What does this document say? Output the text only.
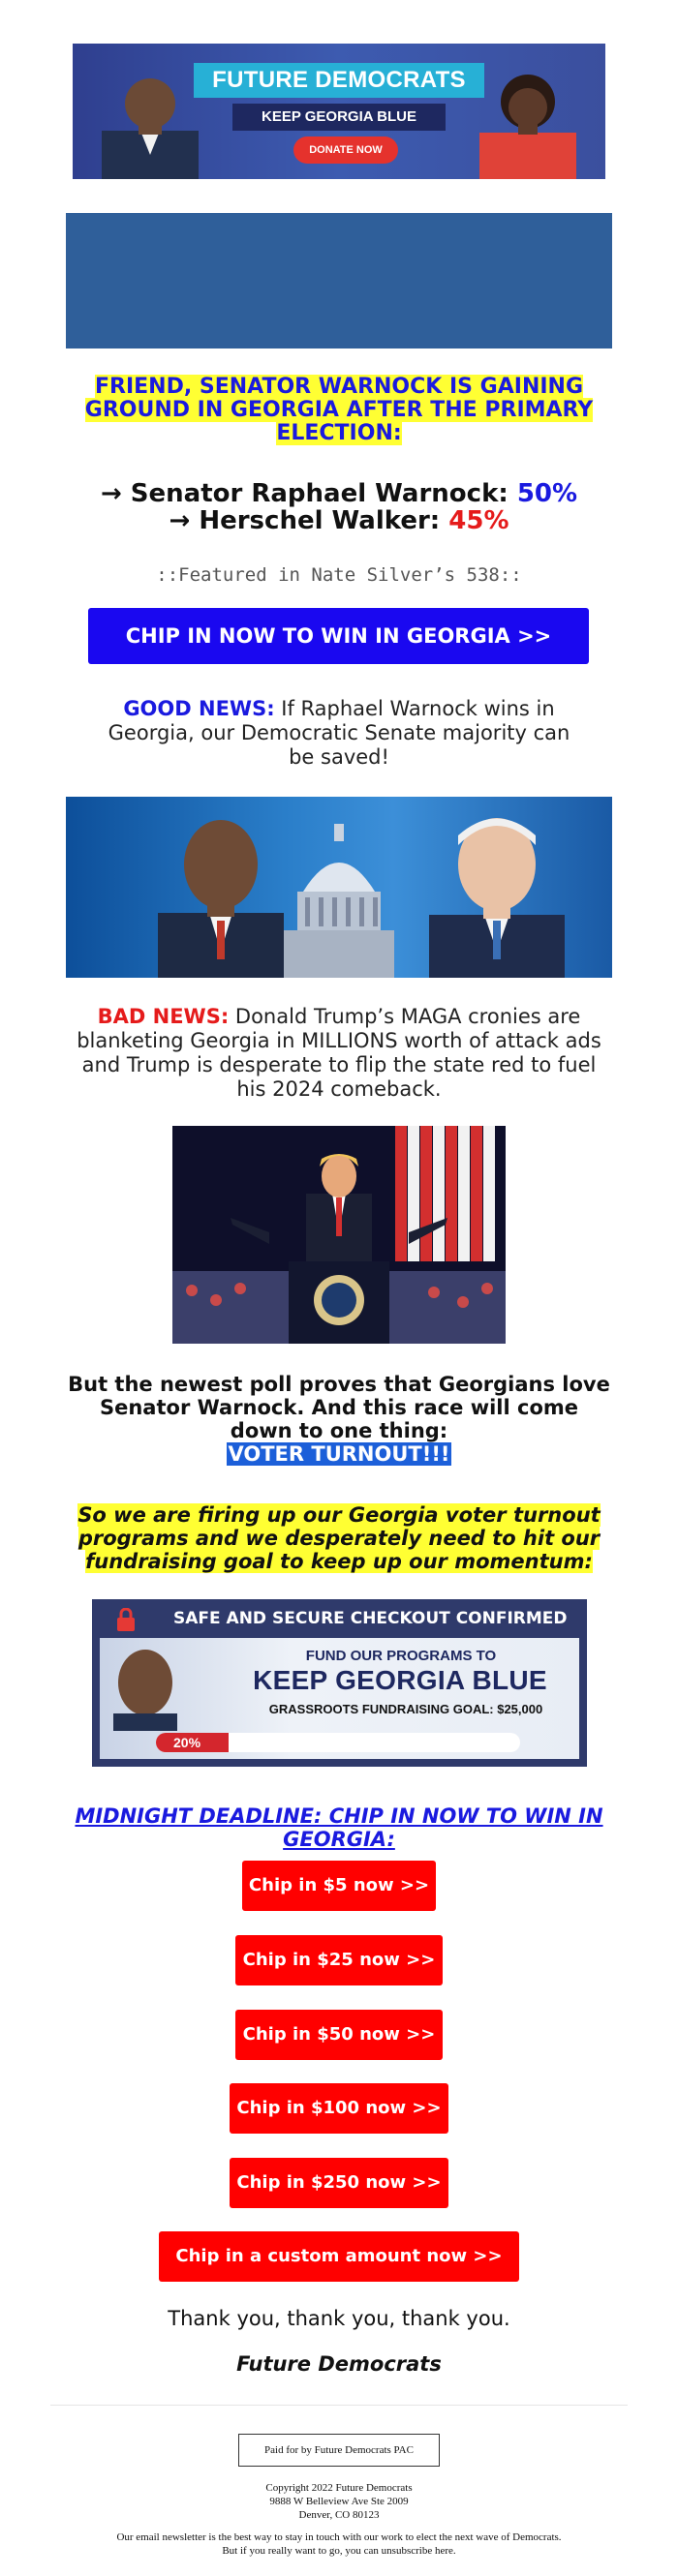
FUTURE DEMOCRATS
KEEP GEORGIA BLUE
DONATE NOW
FRIEND, SENATOR WARNOCK IS GAINING GROUND IN GEORGIA AFTER THE PRIMARY ELECTION:
→ Senator Raphael Warnock: 50%
→ Herschel Walker: 45%
::Featured in Nate Silver’s 538::
CHIP IN NOW TO WIN IN GEORGIA >>
GOOD NEWS: If Raphael Warnock wins in Georgia, our Democratic Senate majority can be saved!
BAD NEWS: Donald Trump’s MAGA cronies are blanketing Georgia in MILLIONS worth of attack ads and Trump is desperate to flip the state red to fuel his 2024 comeback.
But the newest poll proves that Georgians love Senator Warnock. And this race will come down to one thing:
VOTER TURNOUT!!!
So we are firing up our Georgia voter turnout programs and we desperately need to hit our fundraising goal to keep up our momentum:
SAFE AND SECURE CHECKOUT CONFIRMED
FUND OUR PROGRAMS TO
KEEP GEORGIA BLUE
GRASSROOTS FUNDRAISING GOAL: $25,000
20%
MIDNIGHT DEADLINE: CHIP IN NOW TO WIN IN GEORGIA:
Chip in $5 now >>
Chip in $25 now >>
Chip in $50 now >>
Chip in $100 now >>
Chip in $250 now >>
Chip in a custom amount now >>
Thank you, thank you, thank you.
Future Democrats
Paid for by Future Democrats PAC
Copyright 2022 Future Democrats
9888 W Belleview Ave Ste 2009
Denver, CO 80123
Our email newsletter is the best way to stay in touch with our work to elect the next wave of Democrats.
But if you really want to go, you can unsubscribe here.
